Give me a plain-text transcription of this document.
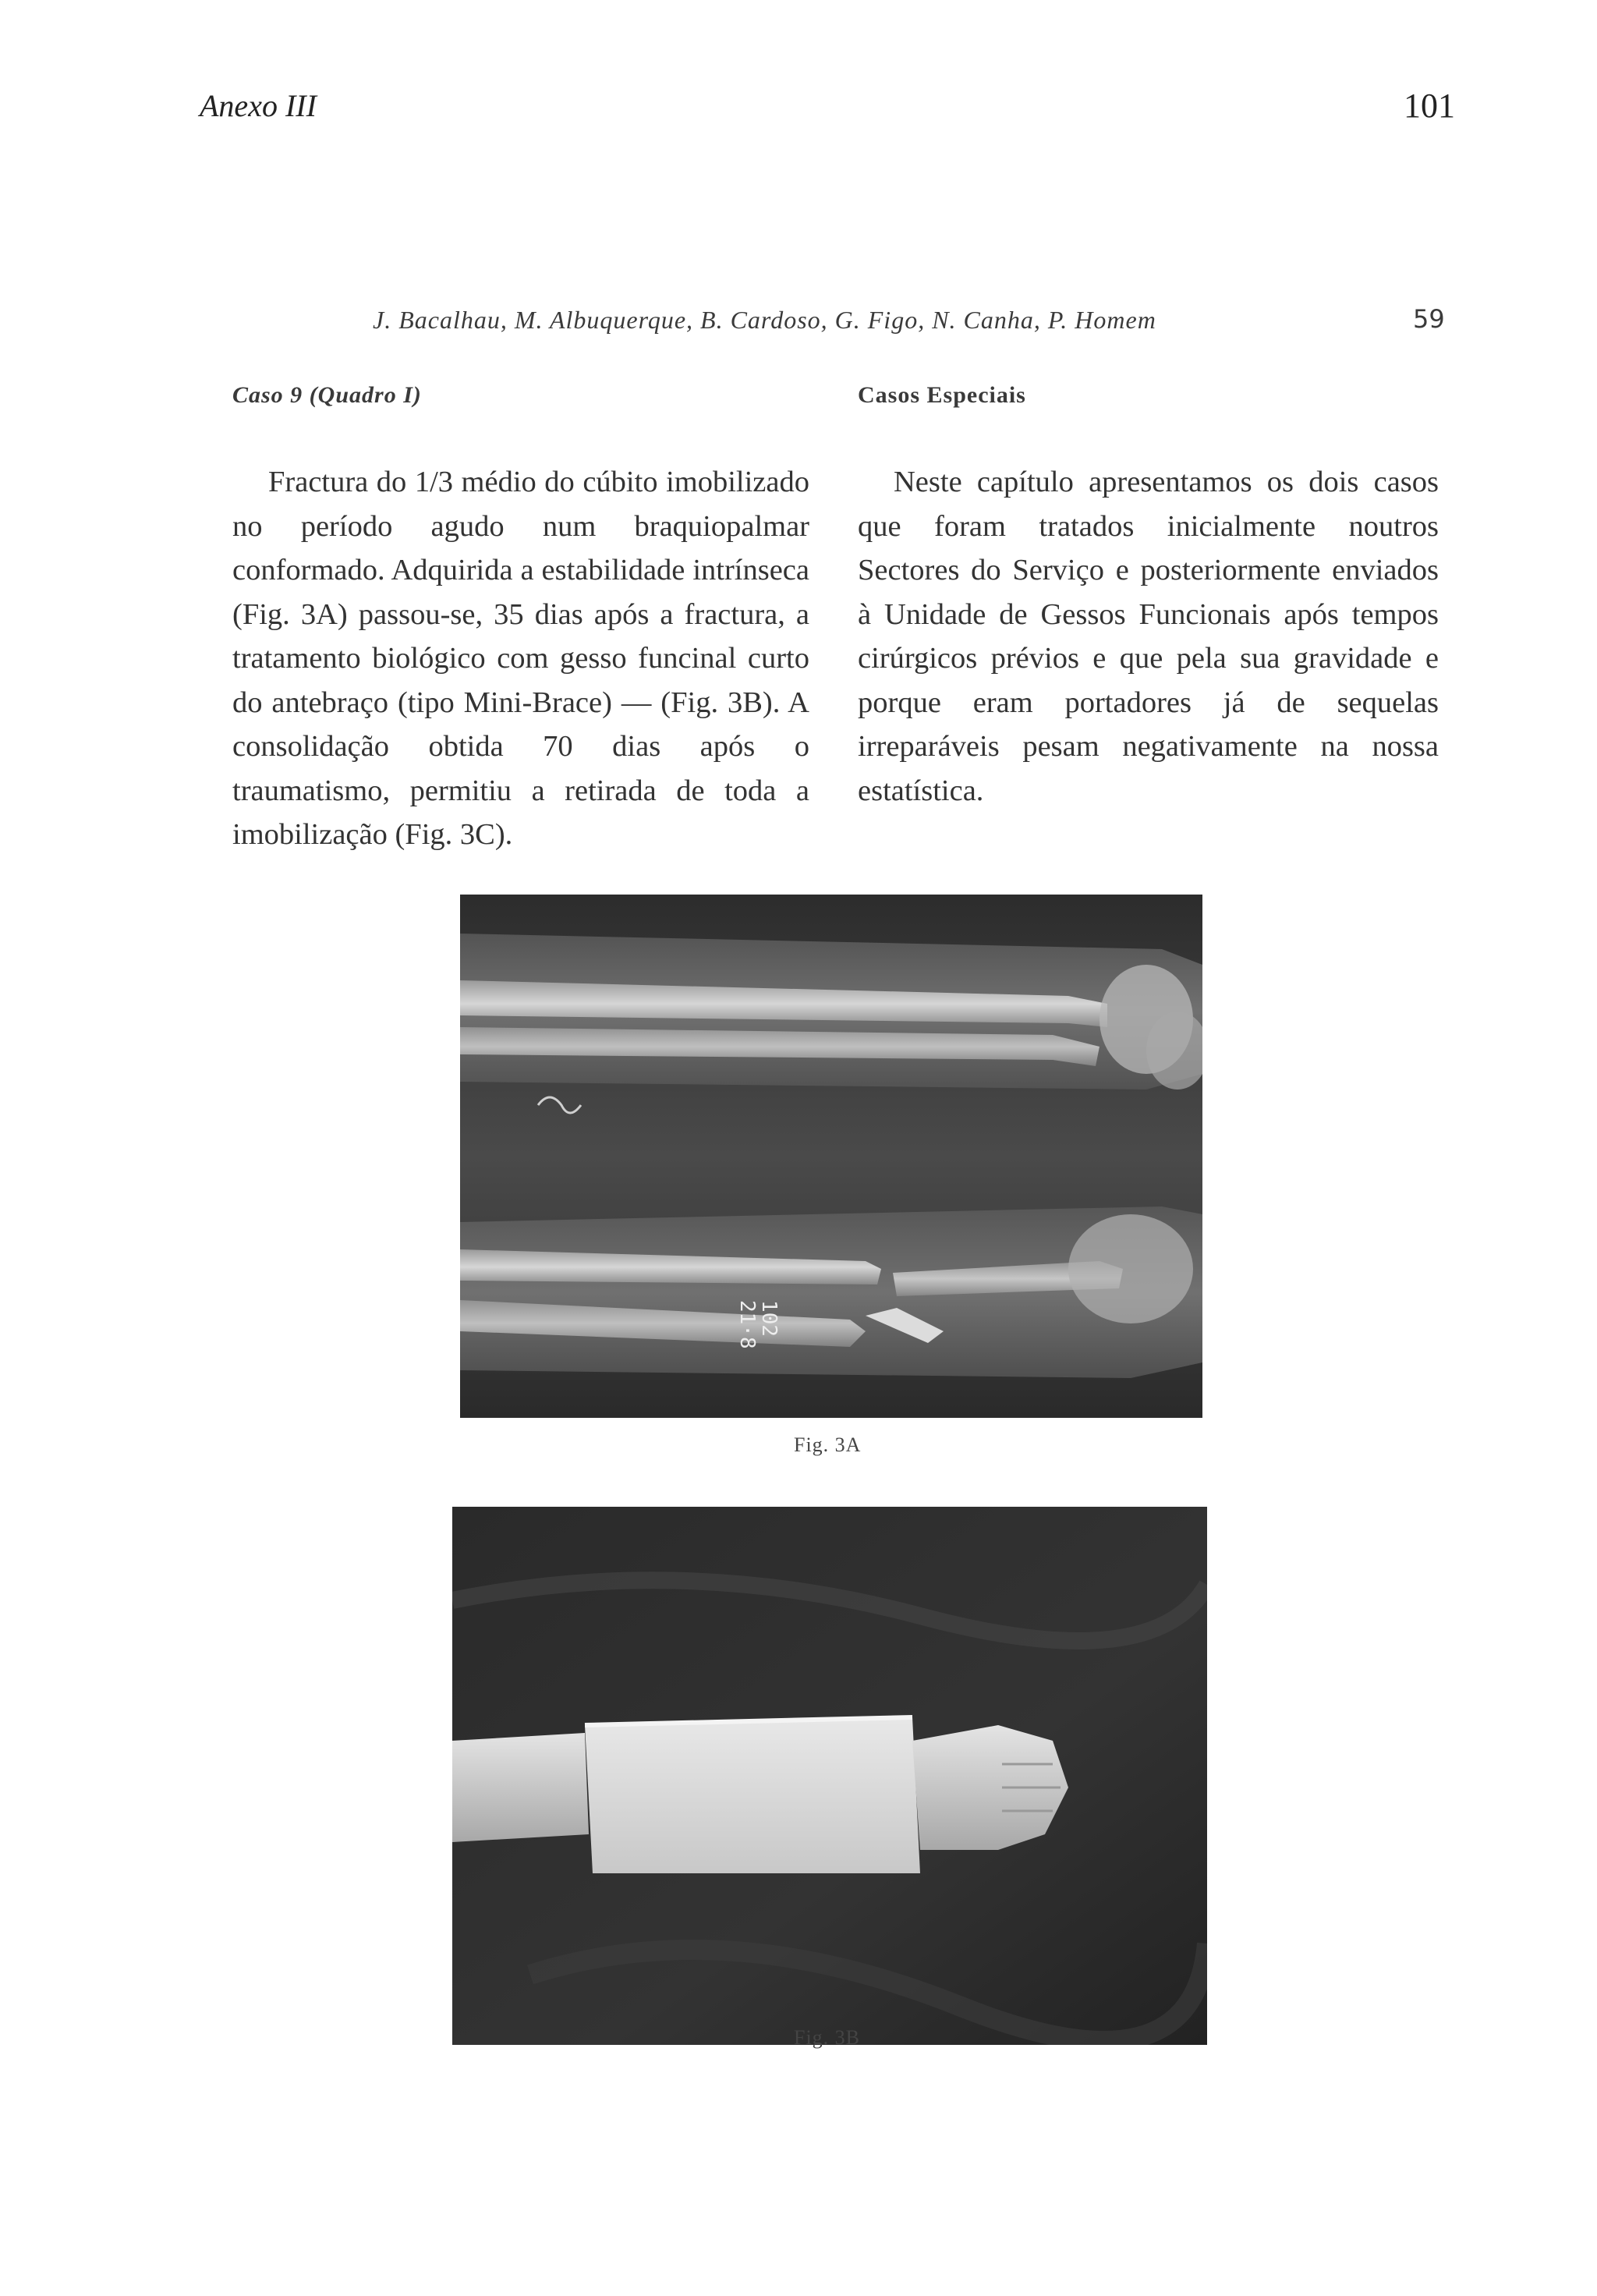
Anexo III	101
J. Bacalhau, M. Albuquerque, B. Cardoso, G. Figo, N. Canha, P. Homem	59
Caso 9 (Quadro I)	Casos Especiais

Fractura do 1/3 médio do cúbito imobilizado no período agudo num braquiopalmar conformado. Adquirida a estabilidade intrínseca (Fig. 3A) passou-se, 35 dias após a fractura, a tratamento biológico com gesso funcinal curto do antebraço (tipo Mini-Brace) — (Fig. 3B). A consolidação obtida 70 dias após o traumatismo, permitiu a retirada de toda a imobilização (Fig. 3C).

Neste capítulo apresentamos os dois casos que foram tratados inicialmente noutros Sectores do Serviço e posteriormente enviados à Unidade de Gessos Funcionais após tempos cirúrgicos prévios e que pela sua gravidade e porque eram portadores já de sequelas irreparáveis pesam negativamente na nossa estatística.

102
21·8
Fig. 3A
Fig. 3B
